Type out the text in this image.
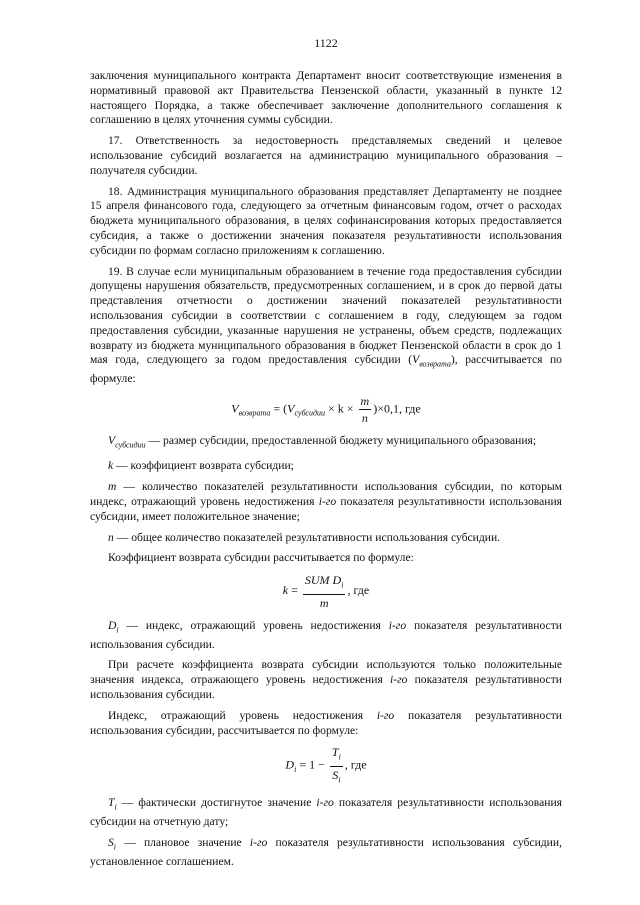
1122

заключения муниципального контракта Департамент вносит соответствующие изменения в нормативный правовой акт Правительства Пензенской области, указанный в пункте 12 настоящего Порядка, а также обеспечивает заключение дополнительного соглашения к соглашению в целях уточнения суммы субсидии.

17. Ответственность за недостоверность представляемых сведений и целевое использование субсидий возлагается на администрацию муниципального образования – получателя субсидии.

18. Администрация муниципального образования представляет Департаменту не позднее 15 апреля финансового года, следующего за отчетным финансовым годом, отчет о расходах бюджета муниципального образования, в целях софинансирования которых предоставляется субсидия, а также о достижении значения показателя результативности использования субсидии по формам согласно приложениям к соглашению.

19. В случае если муниципальным образованием в течение года предоставления субсидии допущены нарушения обязательств, предусмотренных соглашением, и в срок до первой даты представления отчетности о достижении значений показателей результативности использования субсидии в соответствии с соглашением в году, следующем за годом предоставления субсидии, указанные нарушения не устранены, объем средств, подлежащих возврату из бюджета муниципального образования в бюджет Пензенской области в срок до 1 мая года, следующего за годом предоставления субсидии $(V_{возврата})$, рассчитывается по формуле:

$V_{возврата} = (V_{субсидии} \times k \times \frac{m}{n} )\times 0,1$, где

$V_{субсидии}$ — размер субсидии, предоставленной бюджету муниципального образования;

k — коэффициент возврата субсидии;

m — количество показателей результативности использования субсидии, по которым индекс, отражающий уровень недостижения i-го показателя результативности использования субсидии, имеет положительное значение;

n — общее количество показателей результативности использования субсидии.

Коэффициент возврата субсидии рассчитывается по формуле:

$k = \frac{SUM D_i}{m}$ , где

$D_i$ — индекс, отражающий уровень недостижения i-го показателя результативности использования субсидии.

При расчете коэффициента возврата субсидии используются только положительные значения индекса, отражающего уровень недостижения i-го показателя результативности использования субсидии.

Индекс, отражающий уровень недостижения i-го показателя результативности использования субсидии, рассчитывается по формуле:

$D_i = 1 - \frac{T_i}{S_i}$ , где

$T_i$ — фактически достигнутое значение i-го показателя результативности использования субсидии на отчетную дату;

$S_i$ — плановое значение i-го показателя результативности использования субсидии, установленное соглашением.
